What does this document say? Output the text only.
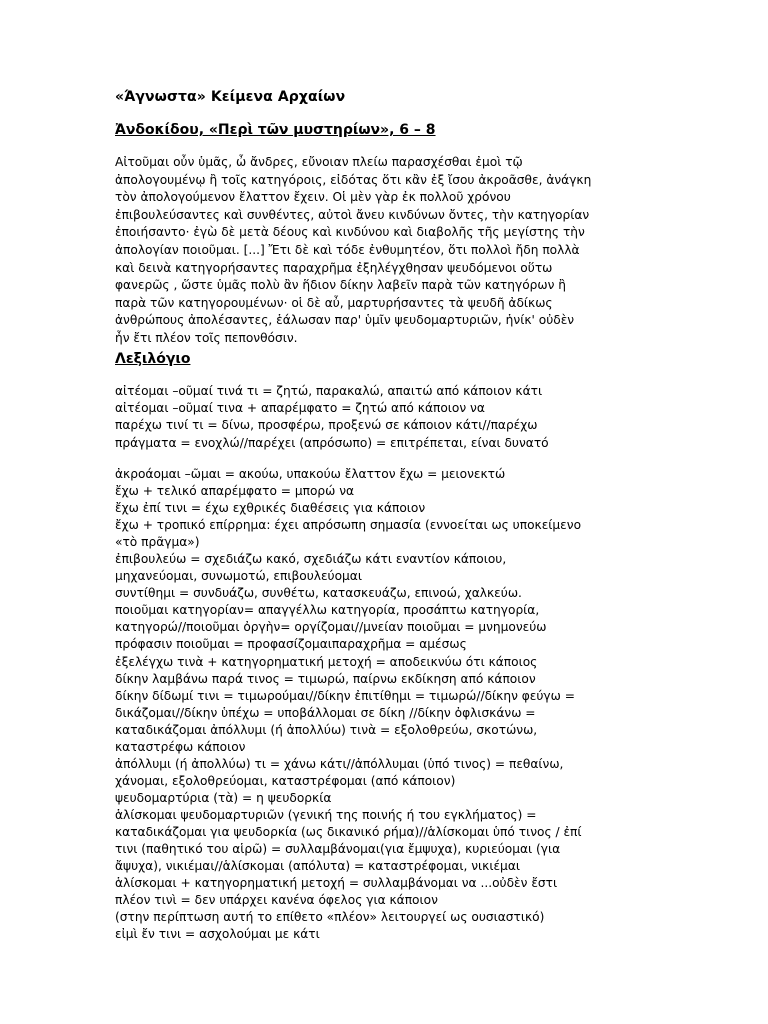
«Άγνωστα» Κείμενα Αρχαίων
Ἀνδοκίδου, «Περὶ τῶν μυστηρίων», 6 – 8
Αἰτοῦμαι οὖν ὑμᾶς, ὦ ἄνδρες, εὔνοιαν πλείω παρασχέσθαι ἐμοὶ τῷ
ἀπολογουμένῳ ἢ τοῖς κατηγόροις, εἰδότας ὅτι κἂν ἐξ ἴσου ἀκροᾶσθε, ἀνάγκη
τὸν ἀπολογούμενον ἔλαττον ἔχειν. Οἱ μὲν γὰρ ἐκ πολλοῦ χρόνου
ἐπιβουλεύσαντες καὶ συνθέντες, αὐτοὶ ἄνευ κινδύνων ὄντες, τὴν κατηγορίαν
ἐποιήσαντο· ἐγὼ δὲ μετὰ δέους καὶ κινδύνου καὶ διαβολῆς τῆς μεγίστης τὴν
ἀπολογίαν ποιοῦμαι. [...] Ἔτι δὲ καὶ τόδε ἐνθυμητέον, ὅτι πολλοὶ ἤδη πολλὰ
καὶ δεινὰ κατηγορήσαντες παραχρῆμα ἐξηλέγχθησαν ψευδόμενοι οὕτω
φανερῶς , ὥστε ὑμᾶς πολὺ ἂν ἥδιον δίκην λαβεῖν παρὰ τῶν κατηγόρων ἢ
παρὰ τῶν κατηγορουμένων· οἱ δὲ αὖ, μαρτυρήσαντες τὰ ψευδῆ ἀδίκως
ἀνθρώπους ἀπολέσαντες, ἑάλωσαν παρ' ὑμῖν ψευδομαρτυριῶν, ἡνίκ' οὐδὲν
ἦν ἔτι πλέον τοῖς πεπονθόσιν.
Λεξιλόγιο
αἰτέομαι –οῦμαί τινά τι = ζητώ, παρακαλώ, απαιτώ από κάποιον κάτι
αἰτέομαι –οῦμαί τινα + απαρέμφατο = ζητώ από κάποιον να
παρέχω τινί τι = δίνω, προσφέρω, προξενώ σε κάποιον κάτι//παρέχω
πράγματα = ενοχλώ//παρέχει (απρόσωπο) = επιτρέπεται, είναι δυνατό
ἀκροάομαι –ῶμαι = ακούω, υπακούω ἔλαττον ἔχω = μειονεκτώ
ἔχω + τελικό απαρέμφατο = μπορώ να
ἔχω ἐπί τινι = έχω εχθρικές διαθέσεις για κάποιον
ἔχω + τροπικό επίρρημα: έχει απρόσωπη σημασία (εννοείται ως υποκείμενο
«τὸ πρᾶγμα»)
ἐπιβουλεύω = σχεδιάζω κακό, σχεδιάζω κάτι εναντίον κάποιου,
μηχανεύομαι, συνωμοτώ, επιβουλεύομαι
συντίθημι = συνδυάζω, συνθέτω, κατασκευάζω, επινοώ, χαλκεύω.
ποιοῦμαι κατηγορίαν= απαγγέλλω κατηγορία, προσάπτω κατηγορία,
κατηγορώ//ποιοῦμαι ὀργὴν= οργίζομαι//μνείαν ποιοῦμαι = μνημονεύω
πρόφασιν ποιοῦμαι = προφασίζομαιπαραχρῆμα = αμέσως
ἐξελέγχω τινὰ + κατηγορηματική μετοχή = αποδεικνύω ότι κάποιος
δίκην λαμβάνω παρά τινος = τιμωρώ, παίρνω εκδίκηση από κάποιον
δίκην δίδωμί τινι = τιμωρούμαι//δίκην ἐπιτίθημι = τιμωρώ//δίκην φεύγω =
δικάζομαι//δίκην ὑπέχω = υποβάλλομαι σε δίκη //δίκην ὀφλισκάνω =
καταδικάζομαι ἀπόλλυμι (ή ἀπολλύω) τινὰ = εξολοθρεύω, σκοτώνω,
καταστρέφω κάποιον
ἀπόλλυμι (ή ἀπολλύω) τι = χάνω κάτι//ἀπόλλυμαι (ὑπό τινος) = πεθαίνω,
χάνομαι, εξολοθρεύομαι, καταστρέφομαι (από κάποιον)
ψευδομαρτύρια (τὰ) = η ψευδορκία
ἁλίσκομαι ψευδομαρτυριῶν (γενική της ποινής ή του εγκλήματος) =
καταδικάζομαι για ψευδορκία (ως δικανικό ρήμα)//ἁλίσκομαι ὑπό τινος / ἐπί
τινι (παθητικό του αἱρῶ) = συλλαμβάνομαι(για ἔμψυχα), κυριεύομαι (για
ἄψυχα), νικιέμαι//ἁλίσκομαι (απόλυτα) = καταστρέφομαι, νικιέμαι
ἁλίσκομαι + κατηγορηματική μετοχή = συλλαμβάνομαι να ...οὐδὲν ἔστι
πλέον τινὶ = δεν υπάρχει κανένα όφελος για κάποιον
(στην περίπτωση αυτή το επίθετο «πλέον» λειτουργεί ως ουσιαστικό)
εἰμὶ ἔν τινι = ασχολούμαι με κάτι
